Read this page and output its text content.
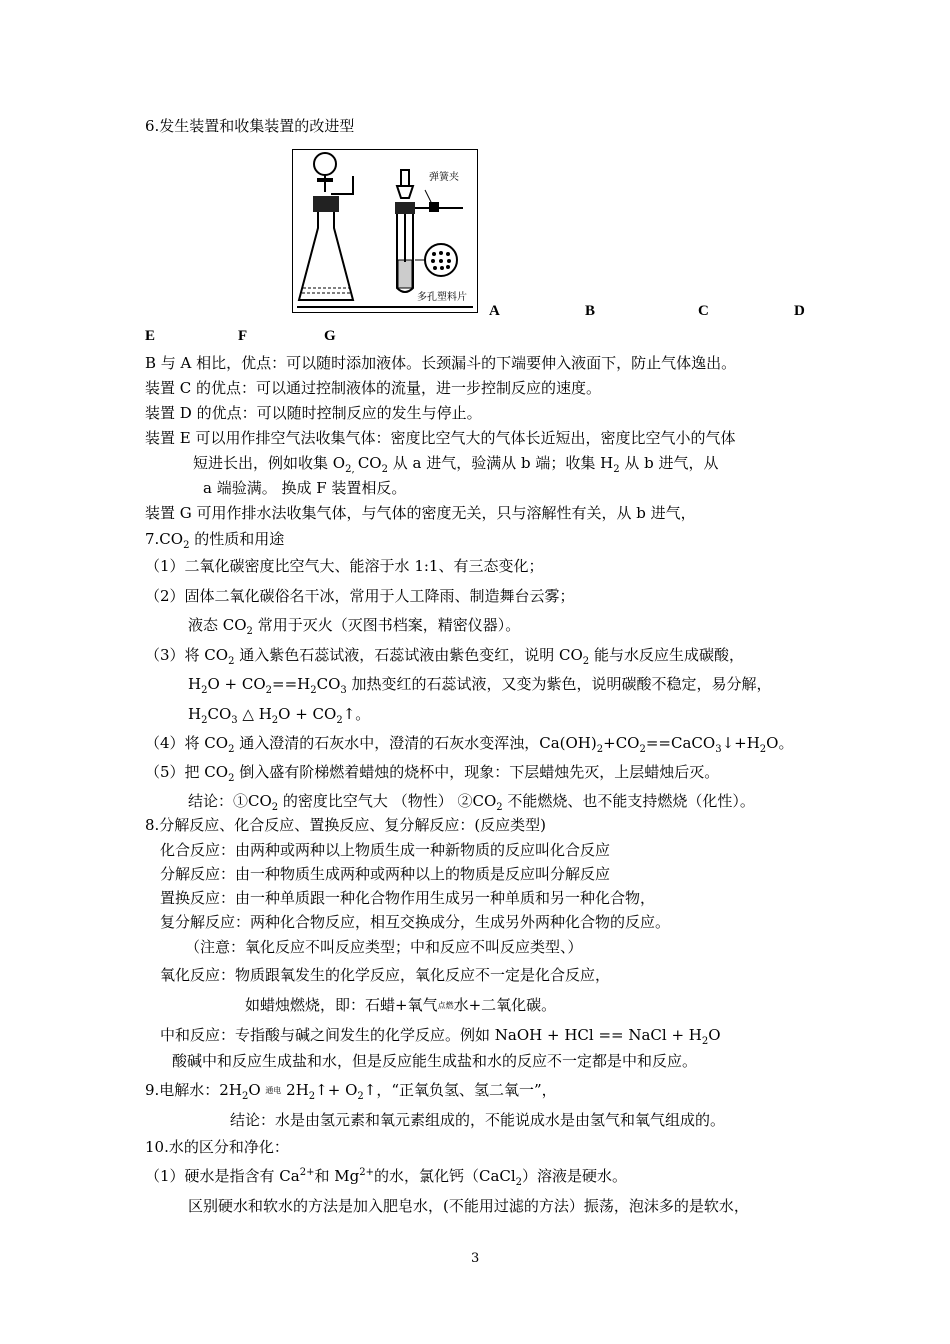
6.发生装置和收集装置的改进型
弹簧夹
多孔塑料片
A	B	C	D
E	F	G
B 与 A 相比，优点：可以随时添加液体。长颈漏斗的下端要伸入液面下，防止气体逸出。
装置 C 的优点：可以通过控制液体的流量，进一步控制反应的速度。
装置 D 的优点：可以随时控制反应的发生与停止。
装置 E 可以用作排空气法收集气体：密度比空气大的气体长近短出，密度比空气小的气体
短进长出，例如收集 $O_{2,}$ $CO_2$ 从 a 进气，验满从 b 端；收集 $H_2$ 从 b 进气，从
a 端验满。 换成 F 装置相反。
装置 G 可用作排水法收集气体，与气体的密度无关，只与溶解性有关，从 b 进气，
$7.CO_2$ 的性质和用途
（1）二氧化碳密度比空气大、能溶于水 1:1、有三态变化；
（2）固体二氧化碳俗名干冰，常用于人工降雨、制造舞台云雾；
液态 $CO_2$ 常用于灭火（灭图书档案，精密仪器）。
（3）将 $CO_2$ 通入紫色石蕊试液，石蕊试液由紫色变红，说明 $CO_2$ 能与水反应生成碳酸，
$H_2O + CO_2==H_2CO_3$ 加热变红的石蕊试液，又变为紫色，说明碳酸不稳定，易分解，
$H_2CO_3$ △ $H_2O$ + $CO_2↑$。
（4）将 $CO_2$ 通入澄清的石灰水中，澄清的石灰水变浑浊，$Ca(OH)_2+CO_2==CaCO_3↓+H_2O$。
（5）把 $CO_2$ 倒入盛有阶梯燃着蜡烛的烧杯中，现象：下层蜡烛先灭，上层蜡烛后灭。
结论：$①CO_2$ 的密度比空气大 （物性） $②CO_2$ 不能燃烧、也不能支持燃烧（化性）。
8.分解反应、化合反应、置换反应、复分解反应：(反应类型)
化合反应：由两种或两种以上物质生成一种新物质的反应叫化合反应
分解反应：由一种物质生成两种或两种以上的物质是反应叫分解反应
置换反应：由一种单质跟一种化合物作用生成另一种单质和另一种化合物，
复分解反应：两种化合物反应，相互交换成分，生成另外两种化合物的反应。
（注意：氧化反应不叫反应类型；中和反应不叫反应类型、）
氧化反应：物质跟氧发生的化学反应，氧化反应不一定是化合反应，
如蜡烛燃烧，即：石蜡+氧气点燃水+二氧化碳。
中和反应：专指酸与碱之间发生的化学反应。例如 NaOH + HCl == NaCl + $H_2O$
酸碱中和反应生成盐和水，但是反应能生成盐和水的反应不一定都是中和反应。
9.电解水：$2H_2O$ 通电 $2H_2↑+$ $O_2↑$，“正氧负氢、氢二氧一”，
结论：水是由氢元素和氧元素组成的，不能说成水是由氢气和氧气组成的。
10.水的区分和净化：
（1）硬水是指含有 $Ca^{2+}$和 $Mg^{2+}$的水，氯化钙（CaCl$_2$）溶液是硬水。
区别硬水和软水的方法是加入肥皂水，(不能用过滤的方法）振荡，泡沫多的是软水，
3
